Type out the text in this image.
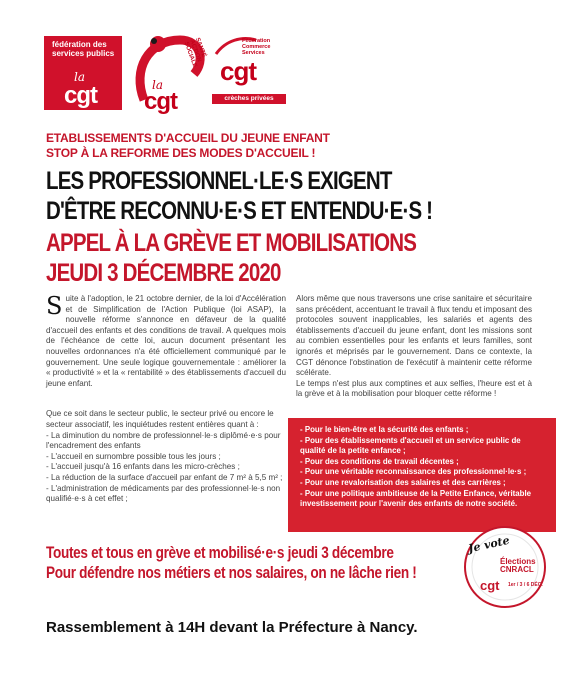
fédération des services publics
la
cgt
SANTÉ ACTION SOCIALE
la
cgt
Fédération Commerce Services
cgt
crèches privées
ETABLISSEMENTS D'ACCUEIL DU JEUNE ENFANT
STOP À LA REFORME DES MODES D'ACCUEIL !
LES PROFESSIONNEL·LE·S EXIGENT
D'ÊTRE RECONNU·E·S ET ENTENDU·E·S !
APPEL À LA GRÈVE ET MOBILISATIONS
JEUDI 3 DÉCEMBRE 2020
Suite à l'adoption, le 21 octobre dernier, de la loi d'Accélération et de Simplification de l'Action Publique (loi ASAP), la nouvelle réforme s'annonce en défaveur de la qualité d'accueil des enfants et des conditions de travail. A quelques mois de l'échéance de cette loi, aucun document présentant les nouvelles ordonnances n'a été officiellement communiqué par le gouvernement. Une seule logique gouvernementale : améliorer la « productivité » et la « rentabilité » des établissements d'accueil du jeune enfant.
Que ce soit dans le secteur public, le secteur privé ou encore le secteur associatif, les inquiétudes restent entières quant à :
- La diminution du nombre de professionnel·le·s diplômé·e·s pour l'encadrement des enfants
- L'accueil en surnombre possible tous les jours ;
- L'accueil jusqu'à 16 enfants dans les micro-crèches ;
- La réduction de la surface d'accueil par enfant de 7 m² à 5,5 m² ;
- L'administration de médicaments par des professionnel·le·s non qualifié·e·s à cet effet ;
Alors même que nous traversons une crise sanitaire et sécuritaire sans précédent, accentuant le travail à flux tendu et imposant des protocoles souvent inapplicables, les salariés et agents des établissements d'accueil du jeune enfant, dont les missions sont au combien essentielles pour les enfants et leurs familles, sont ignorés et méprisés par le gouvernement. Dans ce contexte, la CGT dénonce l'obstination de l'exécutif à maintenir cette réforme scélérate.
Le temps n'est plus aux comptines et aux selfies, l'heure est et à la grève et à la mobilisation pour bloquer cette réforme !
- Pour le bien-être et la sécurité des enfants ;
- Pour des établissements d'accueil et un service public de qualité de la petite enfance ;
- Pour des conditions de travail décentes ;
- Pour une véritable reconnaissance des professionnel·le·s ;
- Pour une revalorisation des salaires et des carrières ;
- Pour une politique ambitieuse de la Petite Enfance, véritable investissement pour l'avenir des enfants de notre société.
Toutes et tous en grève et mobilisé·e·s jeudi 3 décembre
Pour défendre nos métiers et nos salaires, on ne lâche rien !
Je vote
Élections CNRACL
cgt 1er / 3 / 6 DÉC.
Rassemblement à 14H devant la Préfecture à Nancy.
